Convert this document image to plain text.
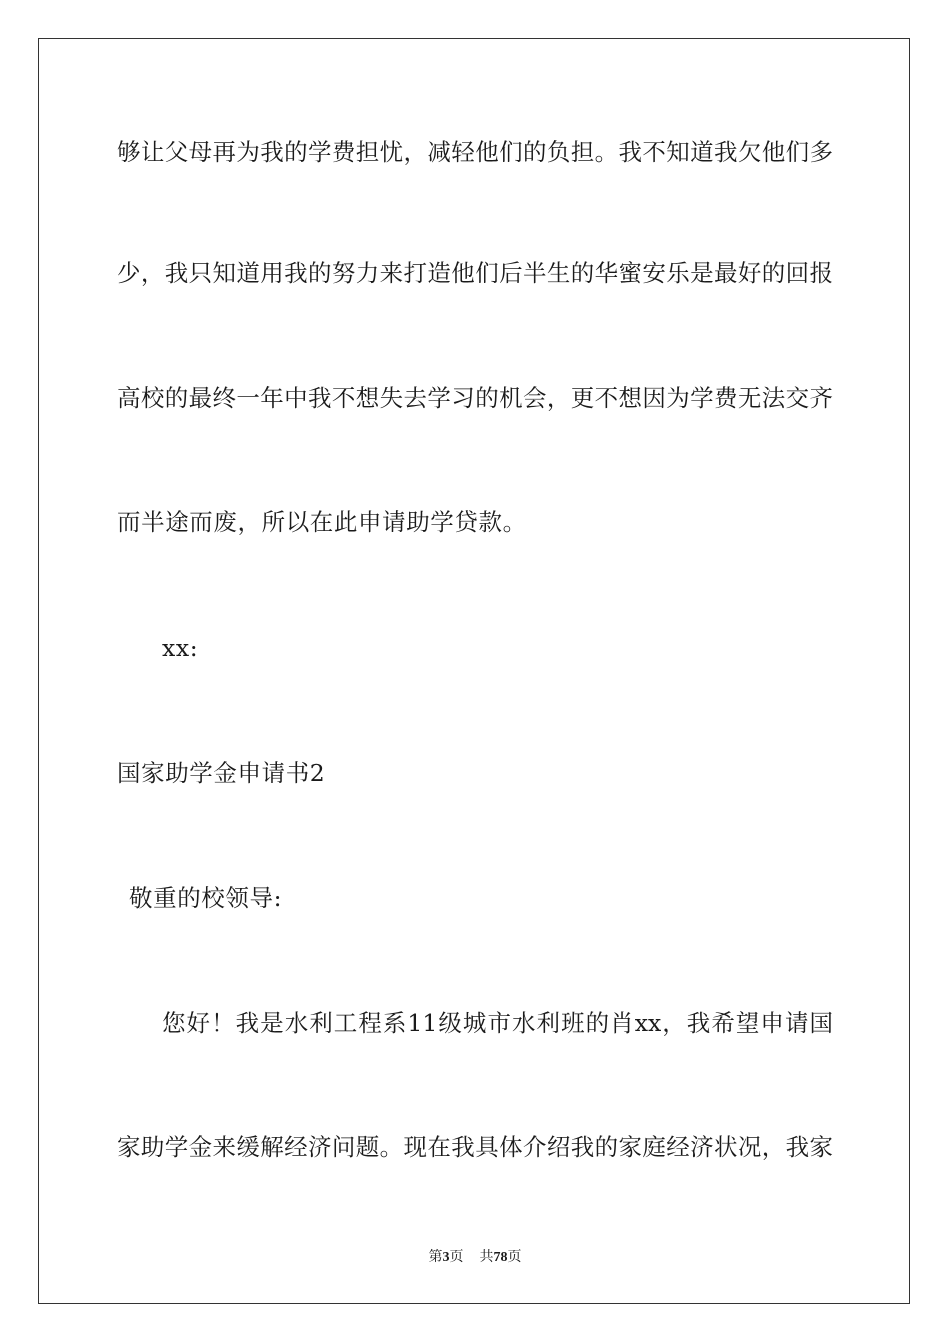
够让父母再为我的学费担忧，减轻他们的负担。我不知道我欠他们多
少，我只知道用我的努力来打造他们后半生的华蜜安乐是最好的回报
高校的最终一年中我不想失去学习的机会，更不想因为学费无法交齐
而半途而废，所以在此申请助学贷款。
xx:
国家助学金申请书2
敬重的校领导:
您好！我是水利工程系11级城市水利班的肖xx，我希望申请国
家助学金来缓解经济问题。现在我具体介绍我的家庭经济状况，我家
第3页 共78页
